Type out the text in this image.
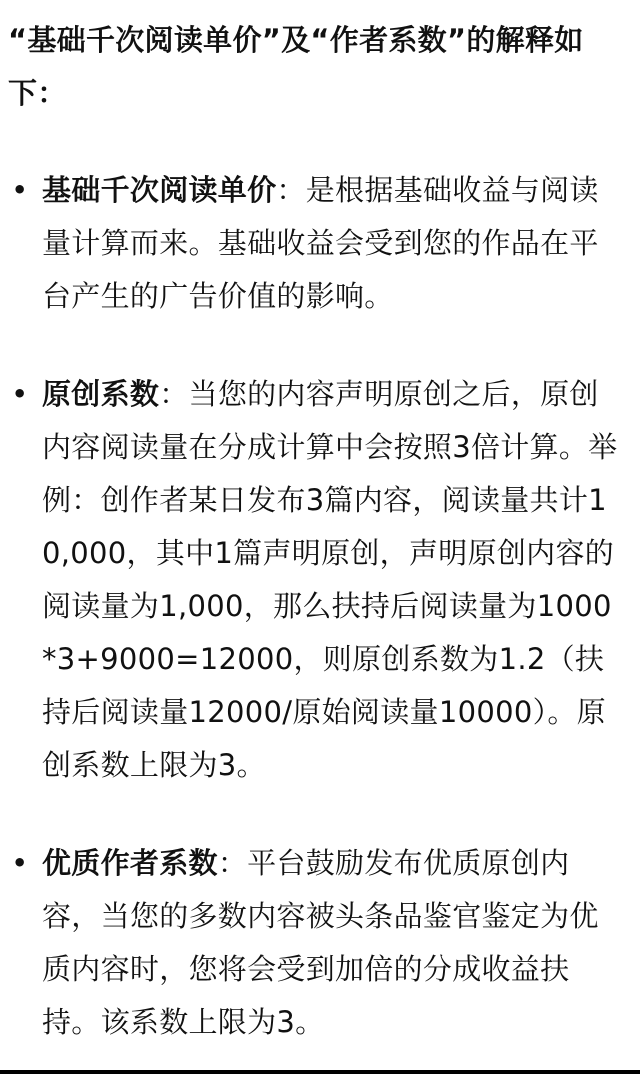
“基础千次阅读单价”及“作者系数”的解释如下：

• 基础千次阅读单价：是根据基础收益与阅读量计算而来。基础收益会受到您的作品在平台产生的广告价值的影响。
• 原创系数：当您的内容声明原创之后，原创内容阅读量在分成计算中会按照3倍计算。举例：创作者某日发布3篇内容，阅读量共计10,000，其中1篇声明原创，声明原创内容的阅读量为1,000，那么扶持后阅读量为1000*3+9000=12000，则原创系数为1.2（扶持后阅读量12000/原始阅读量10000）。原创系数上限为3。
• 优质作者系数：平台鼓励发布优质原创内容，当您的多数内容被头条品鉴官鉴定为优质内容时，您将会受到加倍的分成收益扶持。该系数上限为3。
